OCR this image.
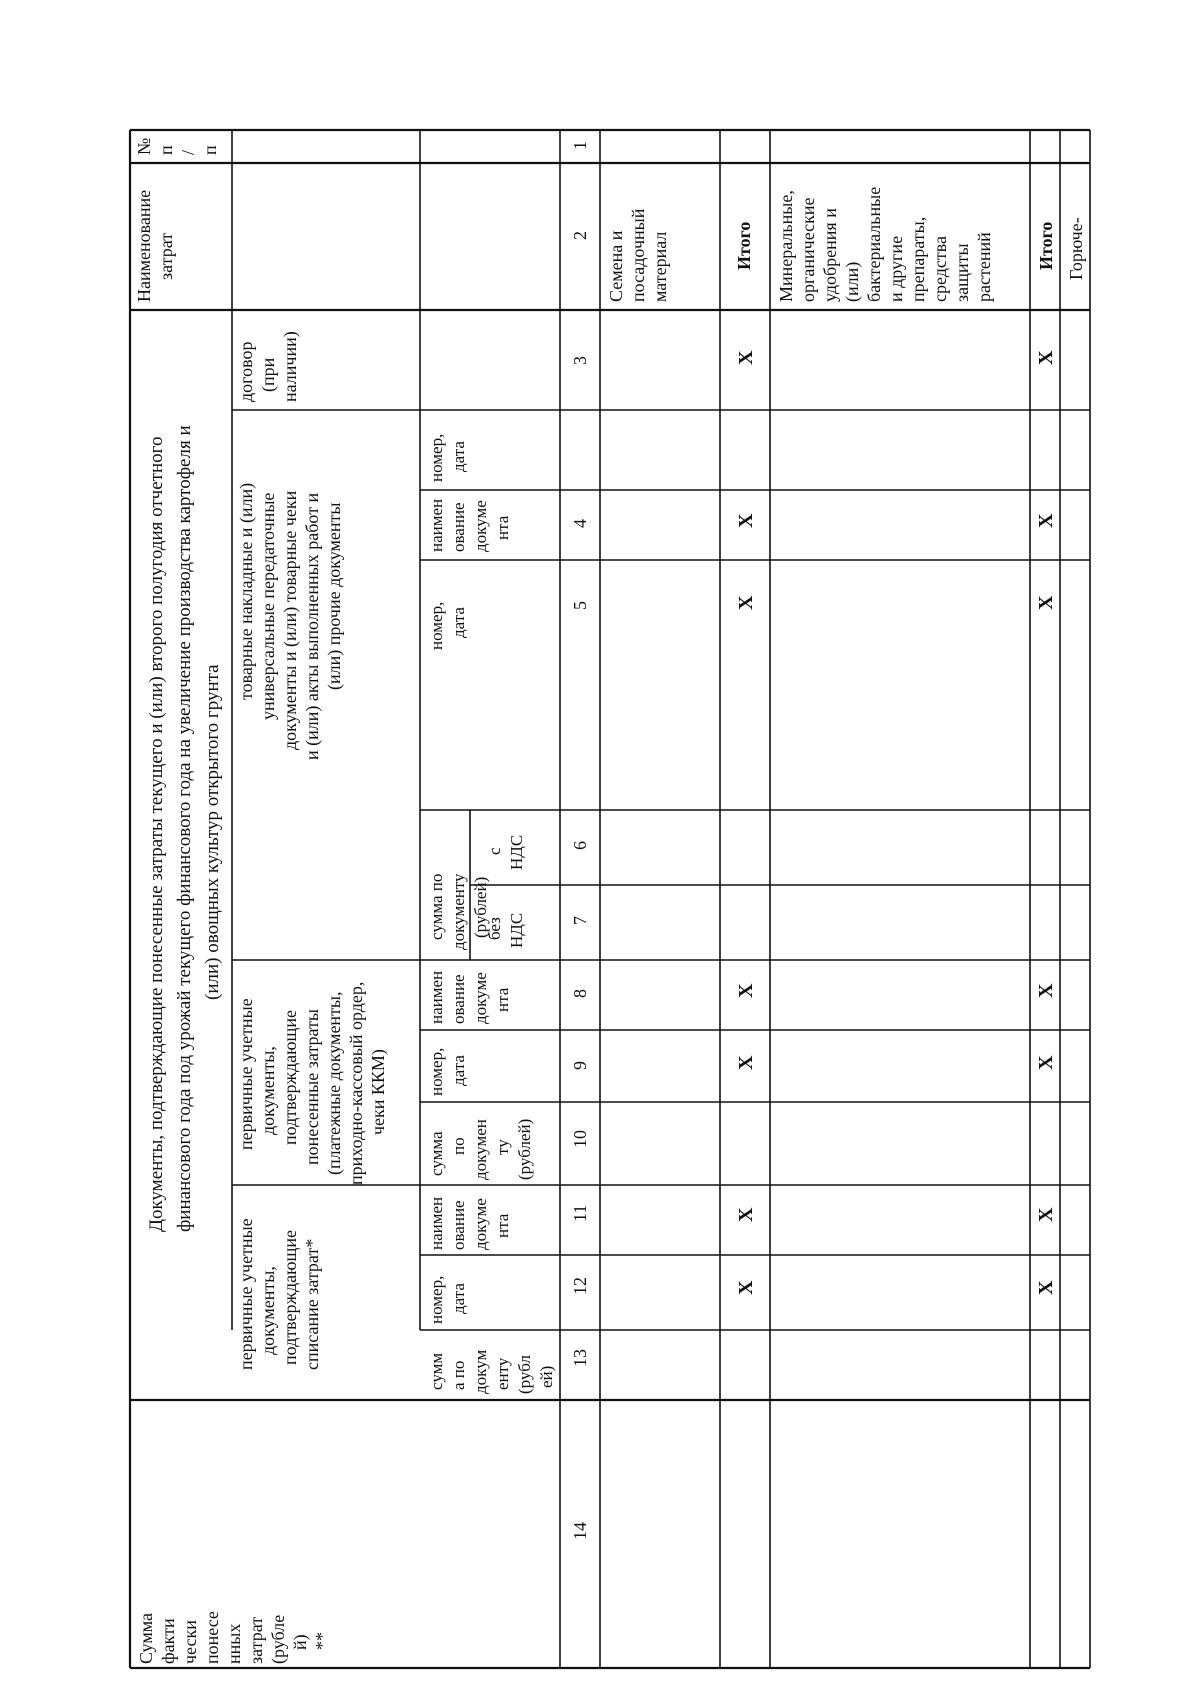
Документы, подтверждающие понесенные затраты текущего и (или) второго полугодия отчетного финансового года под урожай текущего финансового года на увеличение производства картофеля и (или) овощных культур открытого грунта
№ п / п
Наименование затрат
договор (при наличии)
товарные накладные и (или) универсальные передаточные документы и (или) товарные чеки и (или) акты выполненных работ и (или) прочие документы
первичные учетные документы, подтверждающие понесенные затраты (платежные документы, приходно-кассовый ордер, чеки ККМ)
первичные учетные документы, подтверждающие списание затрат*
Сумма факти чески понесе нных затрат (рубле й) **
номер, дата
наимен ование докуме нта
номер, дата
сумма по документу (рублей)
с НДС
без НДС
наимен ование докуме нта
номер, дата
сумма по докумен ту (рублей)
наимен ование докуме нта
номер, дата
сумм а по докум енту (рубл ей)
1
2
3
4
5
6
7
8
9
10
11
12
13
14
Семена и посадочный материал	Итого Минеральные, органические удобрения и (или) бактериальные и другие препараты, средства защиты растений Итого Горюче-
Х
Х
Х
Х
Х
Х
Х
Х
Х
Х
Х
Х
Х
Х
